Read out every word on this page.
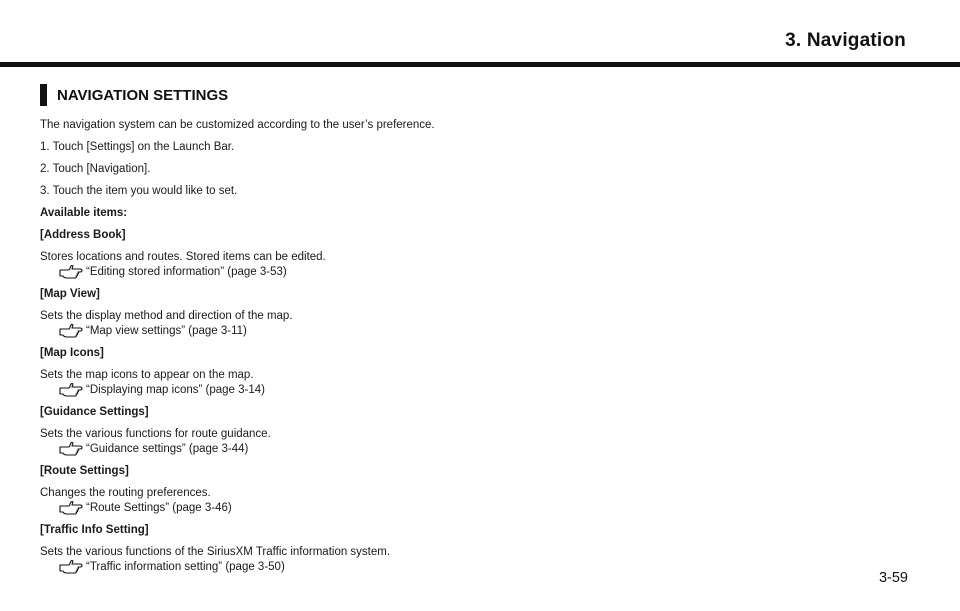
3. Navigation
NAVIGATION SETTINGS
The navigation system can be customized according to the user’s preference.
1. Touch [Settings] on the Launch Bar.
2. Touch [Navigation].
3. Touch the item you would like to set.
Available items:
[Address Book]
Stores locations and routes. Stored items can be edited.
“Editing stored information” (page 3-53)
[Map View]
Sets the display method and direction of the map.
“Map view settings” (page 3-11)
[Map Icons]
Sets the map icons to appear on the map.
“Displaying map icons” (page 3-14)
[Guidance Settings]
Sets the various functions for route guidance.
“Guidance settings” (page 3-44)
[Route Settings]
Changes the routing preferences.
“Route Settings” (page 3-46)
[Traffic Info Setting]
Sets the various functions of the SiriusXM Traffic information system.
“Traffic information setting” (page 3-50)
3-59
